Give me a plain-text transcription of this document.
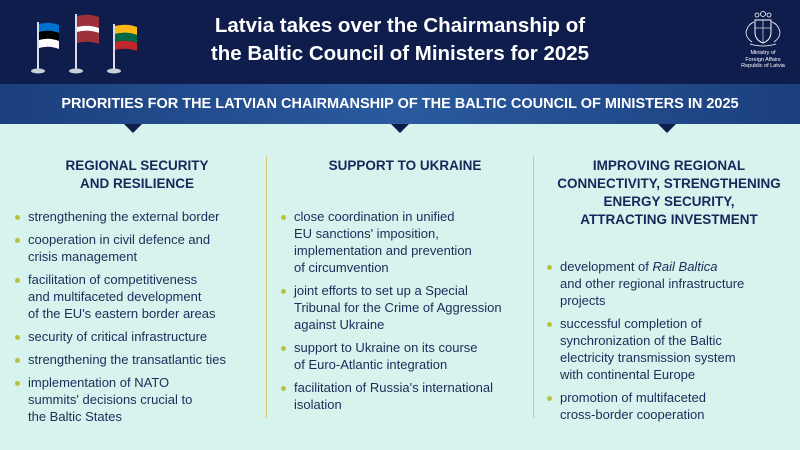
Latvia takes over the Chairmanship of
the Baltic Council of Ministers for 2025	Ministry of
Foreign Affairs
Republic of Latvia
PRIORITIES FOR THE LATVIAN CHAIRMANSHIP OF THE BALTIC COUNCIL OF MINISTERS IN 2025
REGIONAL SECURITY
AND RESILIENCE
strengthening the external border
cooperation in civil defence and
crisis management
facilitation of competitiveness
and multifaceted development
of the EU's eastern border areas
security of critical infrastructure
strengthening the transatlantic ties
implementation of NATO
summits' decisions crucial to
the Baltic States
SUPPORT TO UKRAINE
close coordination in unified
EU sanctions' imposition,
implementation and prevention
of circumvention
joint efforts to set up a Special
Tribunal for the Crime of Aggression
against Ukraine
support to Ukraine on its course
of Euro-Atlantic integration
facilitation of Russia's international
isolation
IMPROVING REGIONAL
CONNECTIVITY, STRENGTHENING
ENERGY SECURITY,
ATTRACTING INVESTMENT
development of Rail Baltica
and other regional infrastructure
projects
successful completion of
synchronization of the Baltic
electricity transmission system
with continental Europe
promotion of multifaceted
cross-border cooperation
